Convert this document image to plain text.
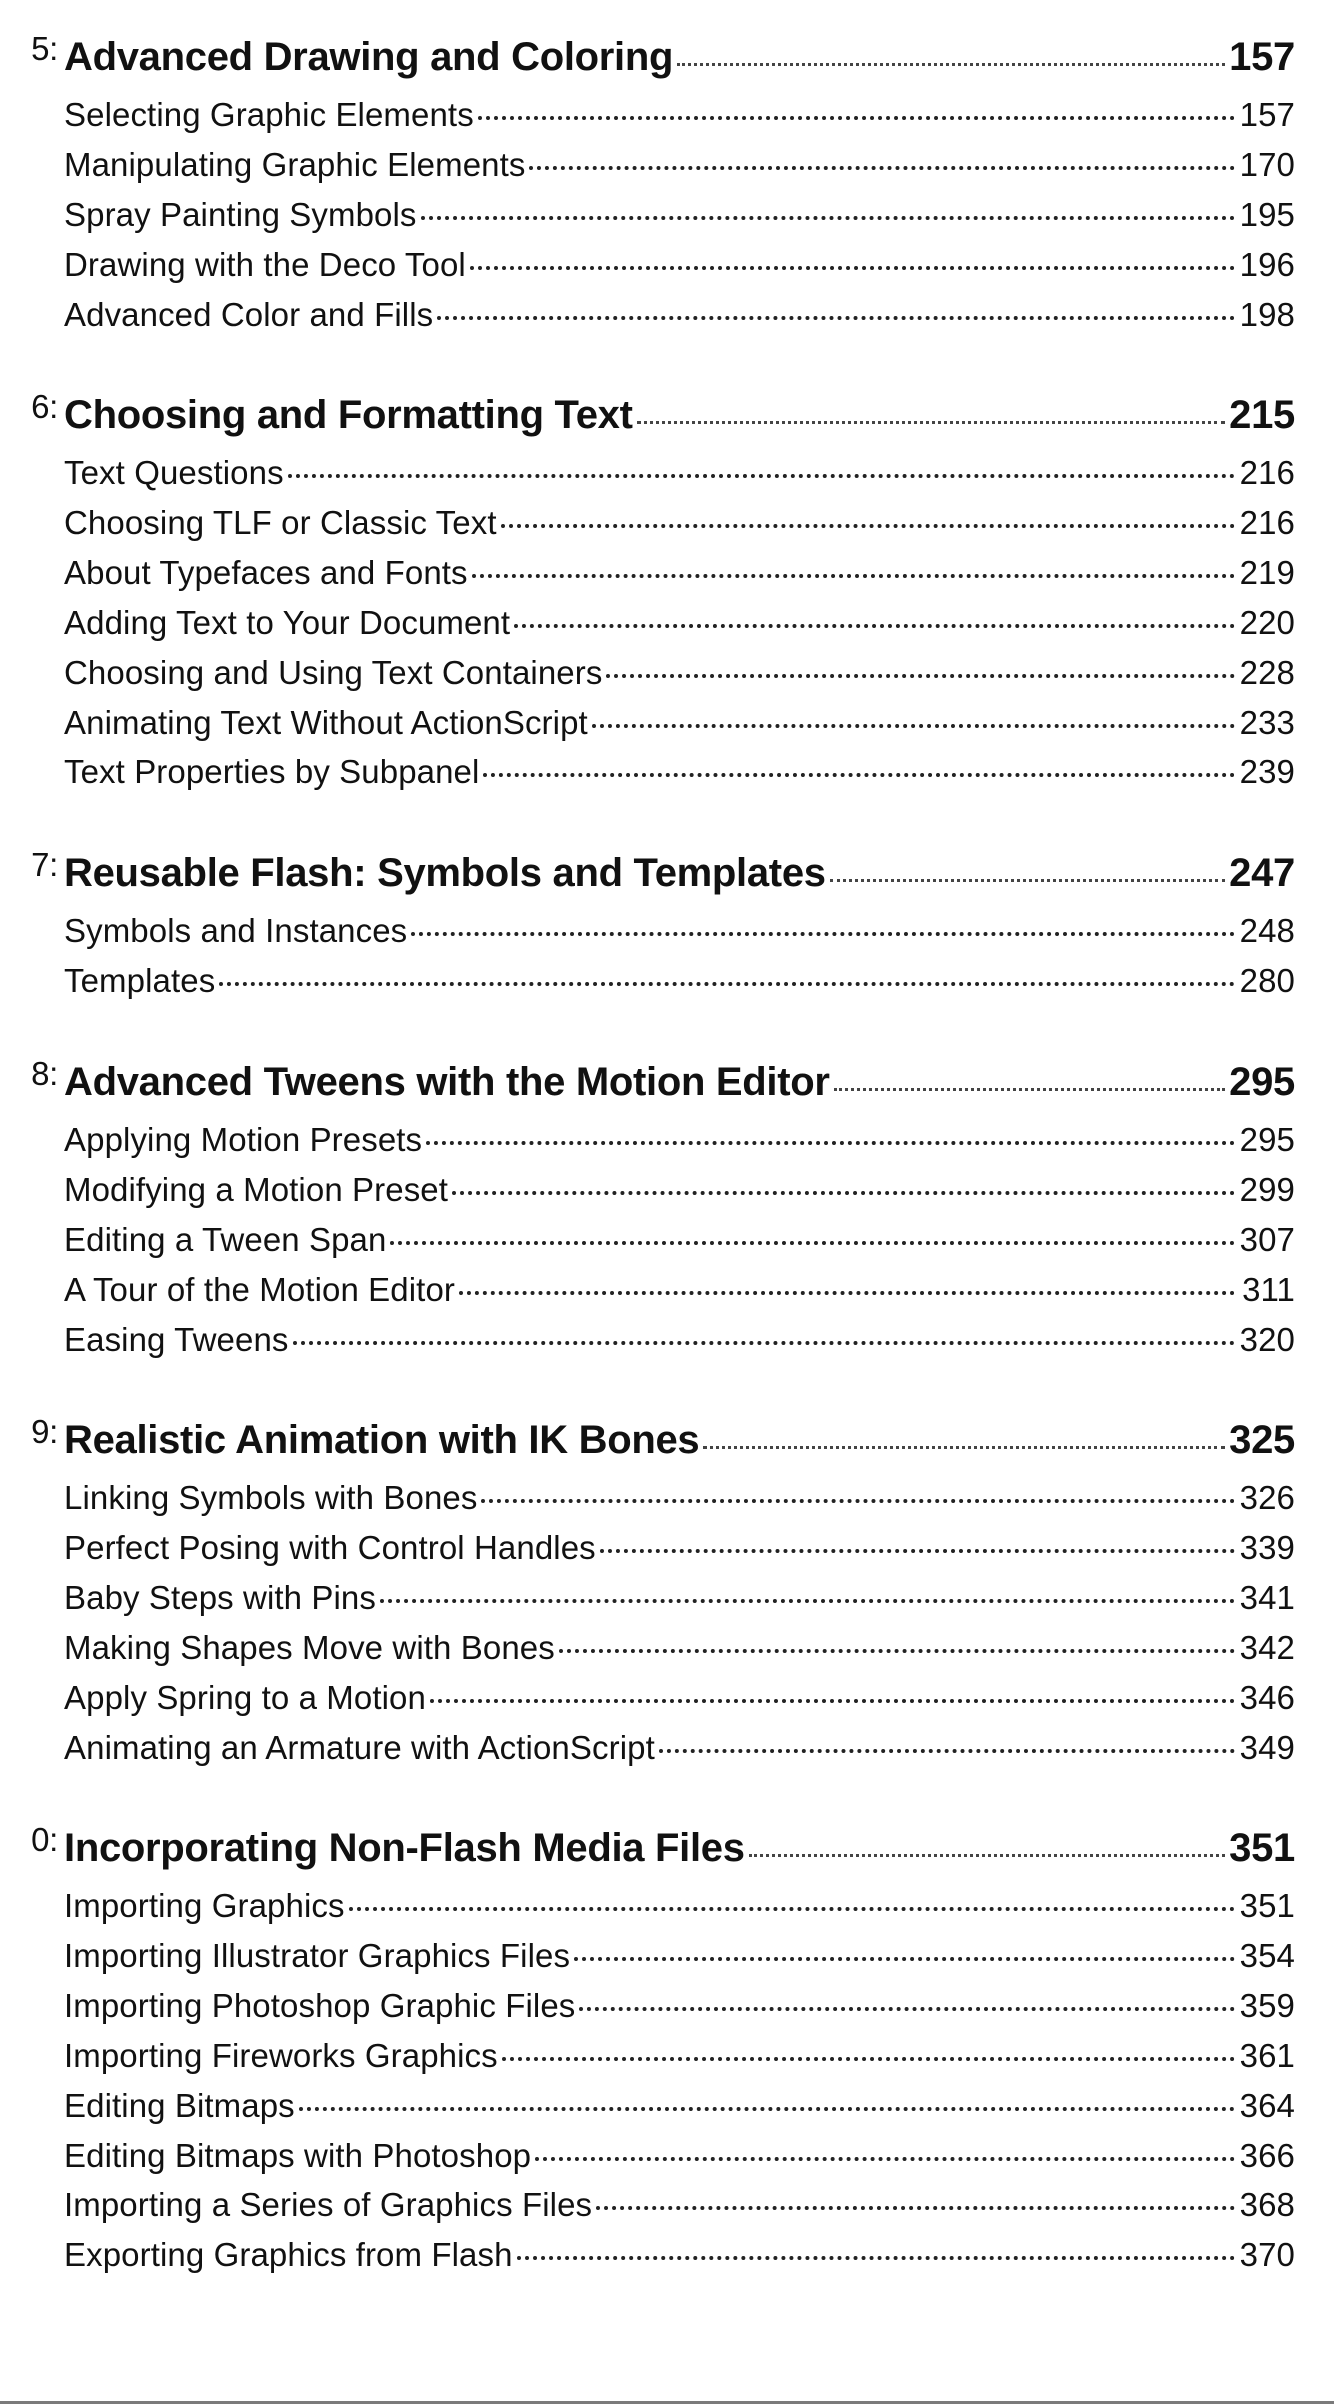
5: Advanced Drawing and Coloring	157
Selecting Graphic Elements	157
Manipulating Graphic Elements	170
Spray Painting Symbols	195
Drawing with the Deco Tool	196
Advanced Color and Fills	198
6: Choosing and Formatting Text	215
Text Questions	216
Choosing TLF or Classic Text	216
About Typefaces and Fonts	219
Adding Text to Your Document	220
Choosing and Using Text Containers	228
Animating Text Without ActionScript	233
Text Properties by Subpanel	239
7: Reusable Flash: Symbols and Templates	247
Symbols and Instances	248
Templates	280
8: Advanced Tweens with the Motion Editor	295
Applying Motion Presets	295
Modifying a Motion Preset	299
Editing a Tween Span	307
A Tour of the Motion Editor	311
Easing Tweens	320
9: Realistic Animation with IK Bones	325
Linking Symbols with Bones	326
Perfect Posing with Control Handles	339
Baby Steps with Pins	341
Making Shapes Move with Bones	342
Apply Spring to a Motion	346
Animating an Armature with ActionScript	349
0: Incorporating Non-Flash Media Files	351
Importing Graphics	351
Importing Illustrator Graphics Files	354
Importing Photoshop Graphic Files	359
Importing Fireworks Graphics	361
Editing Bitmaps	364
Editing Bitmaps with Photoshop	366
Importing a Series of Graphics Files	368
Exporting Graphics from Flash	370
